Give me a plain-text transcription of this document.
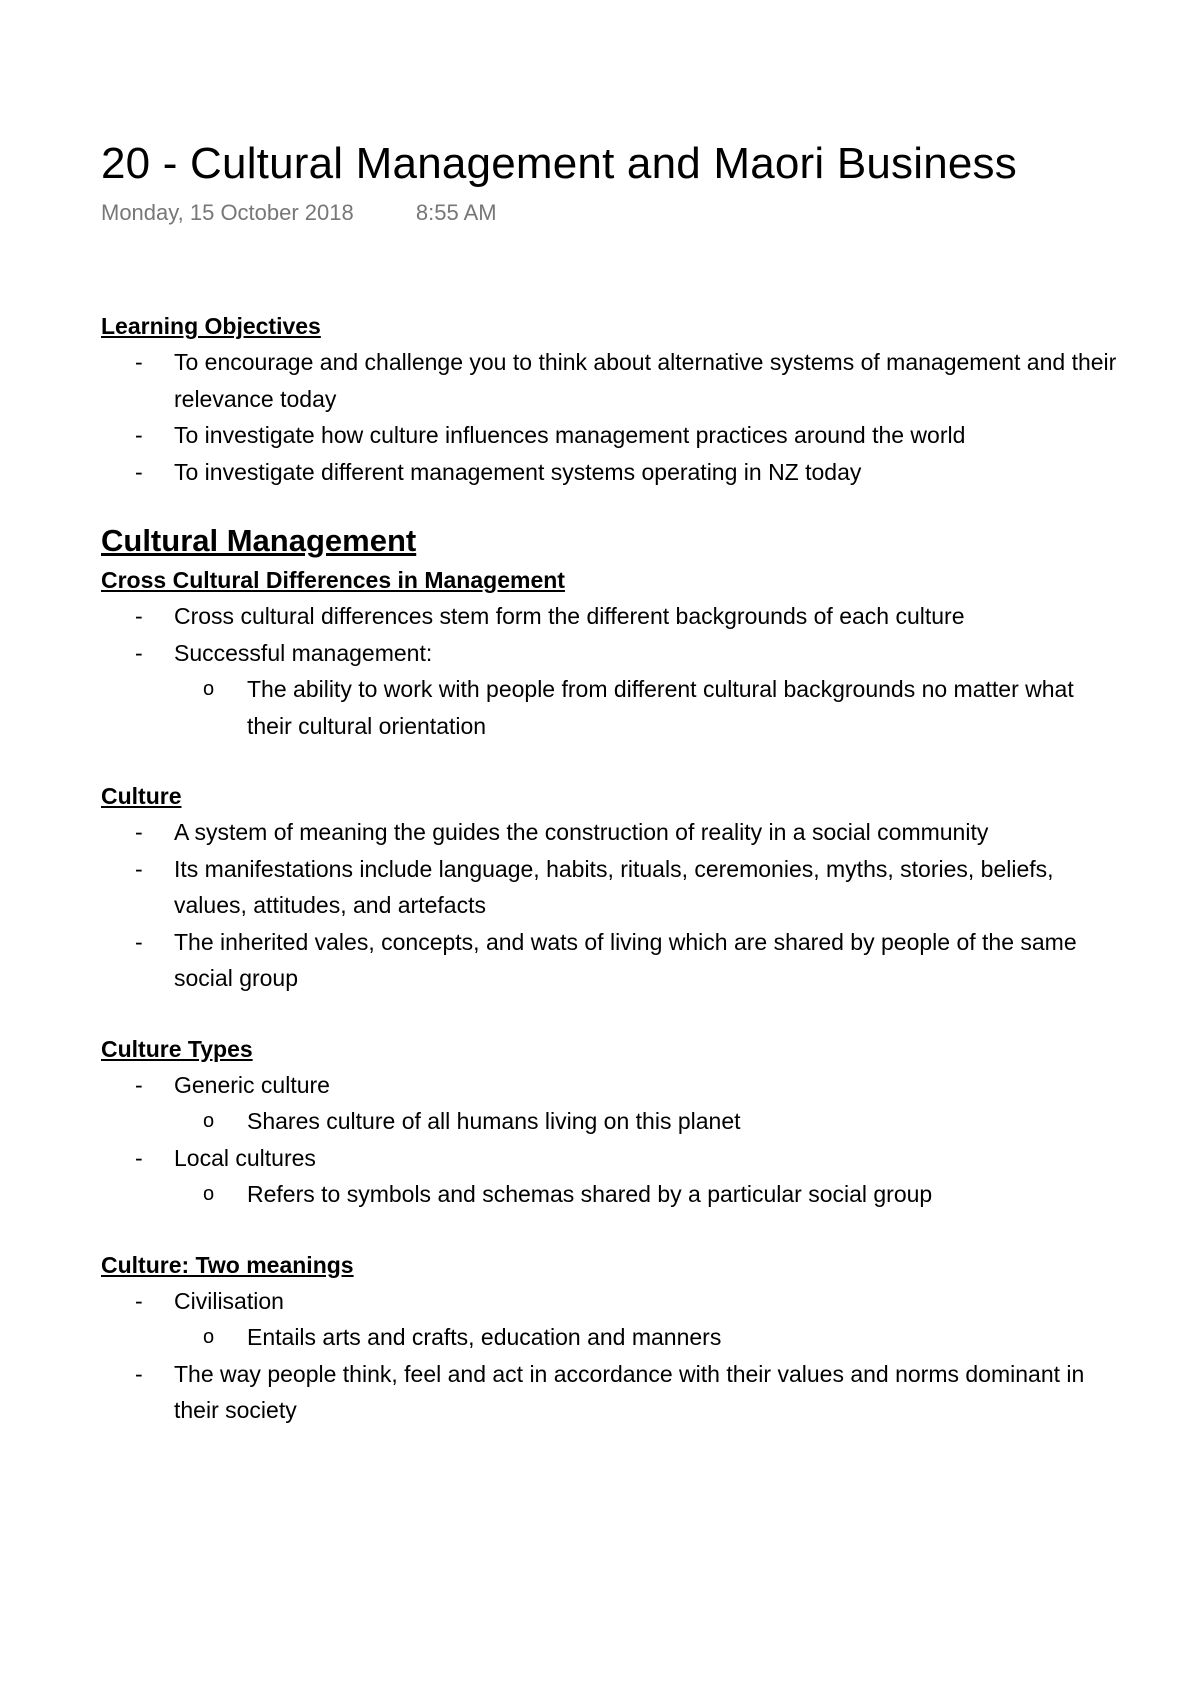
20 - Cultural Management and Maori Business
Monday, 15 October 2018	8:55 AM
Learning Objectives
- To encourage and challenge you to think about alternative systems of management and their relevance today
- To investigate how culture influences management practices around the world
- To investigate different management systems operating in NZ today
Cultural Management
Cross Cultural Differences in Management
- Cross cultural differences stem form the different backgrounds of each culture
- Successful management:
o The ability to work with people from different cultural backgrounds no matter what their cultural orientation
Culture
- A system of meaning the guides the construction of reality in a social community
- Its manifestations include language, habits, rituals, ceremonies, myths, stories, beliefs, values, attitudes, and artefacts
- The inherited vales, concepts, and wats of living which are shared by people of the same social group
Culture Types
- Generic culture
o Shares culture of all humans living on this planet
- Local cultures
o Refers to symbols and schemas shared by a particular social group
Culture: Two meanings
- Civilisation
o Entails arts and crafts, education and manners
- The way people think, feel and act in accordance with their values and norms dominant in their society
